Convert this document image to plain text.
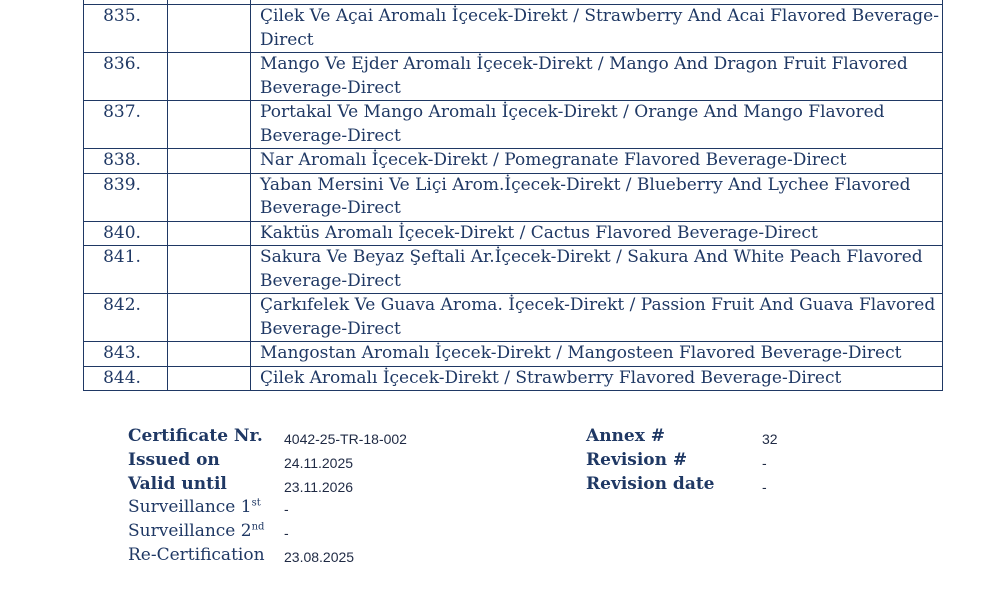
835.		Çilek Ve Açai Aromalı İçecek-Direkt / Strawberry And Acai Flavored Beverage-Direct
836.		Mango Ve Ejder Aromalı İçecek-Direkt / Mango And Dragon Fruit Flavored Beverage-Direct
837.		Portakal Ve Mango Aromalı İçecek-Direkt / Orange And Mango Flavored Beverage-Direct
838.		Nar Aromalı İçecek-Direkt / Pomegranate Flavored Beverage-Direct
839.		Yaban Mersini Ve Liçi Arom.İçecek-Direkt / Blueberry And Lychee Flavored Beverage-Direct
840.		Kaktüs Aromalı İçecek-Direkt / Cactus Flavored Beverage-Direct
841.		Sakura Ve Beyaz Şeftali Ar.İçecek-Direkt / Sakura And White Peach Flavored Beverage-Direct
842.		Çarkıfelek Ve Guava Aroma. İçecek-Direkt / Passion Fruit And Guava Flavored Beverage-Direct
843.		Mangostan Aromalı İçecek-Direkt / Mangosteen Flavored Beverage-Direct
844.		Çilek Aromalı İçecek-Direkt / Strawberry Flavored Beverage-Direct
Certificate Nr. 4042-25-TR-18-002
Issued on	24.11.2025
Valid until	23.11.2026
Surveillance 1st -
Surveillance 2nd -
Re-Certification 23.08.2025
Annex #	32
Revision #	-
Revision date	-
